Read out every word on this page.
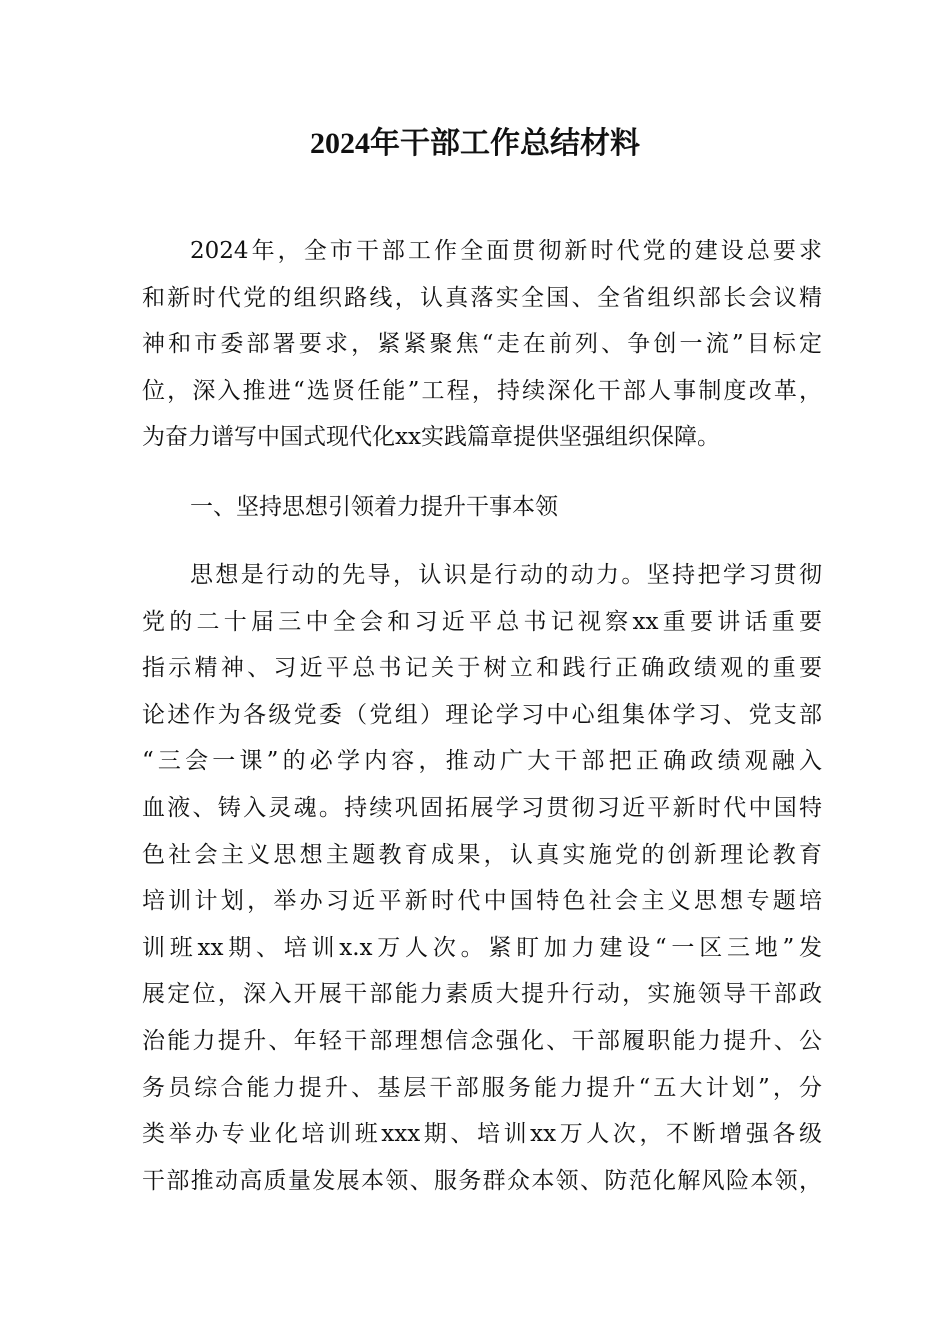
2024年干部工作总结材料
2024年，全市干部工作全面贯彻新时代党的建设总要求
和新时代党的组织路线，认真落实全国、全省组织部长会议精
神和市委部署要求，紧紧聚焦“走在前列、争创一流”目标定
位，深入推进“选贤任能”工程，持续深化干部人事制度改革，
为奋力谱写中国式现代化xx实践篇章提供坚强组织保障。
一、坚持思想引领着力提升干事本领
思想是行动的先导，认识是行动的动力。坚持把学习贯彻
党的二十届三中全会和习近平总书记视察xx重要讲话重要
指示精神、习近平总书记关于树立和践行正确政绩观的重要
论述作为各级党委（党组）理论学习中心组集体学习、党支部
“三会一课”的必学内容，推动广大干部把正确政绩观融入
血液、铸入灵魂。持续巩固拓展学习贯彻习近平新时代中国特
色社会主义思想主题教育成果，认真实施党的创新理论教育
培训计划，举办习近平新时代中国特色社会主义思想专题培
训班xx期、培训x.x万人次。紧盯加力建设“一区三地”发
展定位，深入开展干部能力素质大提升行动，实施领导干部政
治能力提升、年轻干部理想信念强化、干部履职能力提升、公
务员综合能力提升、基层干部服务能力提升“五大计划”，分
类举办专业化培训班xxx期、培训xx万人次，不断增强各级
干部推动高质量发展本领、服务群众本领、防范化解风险本领，
